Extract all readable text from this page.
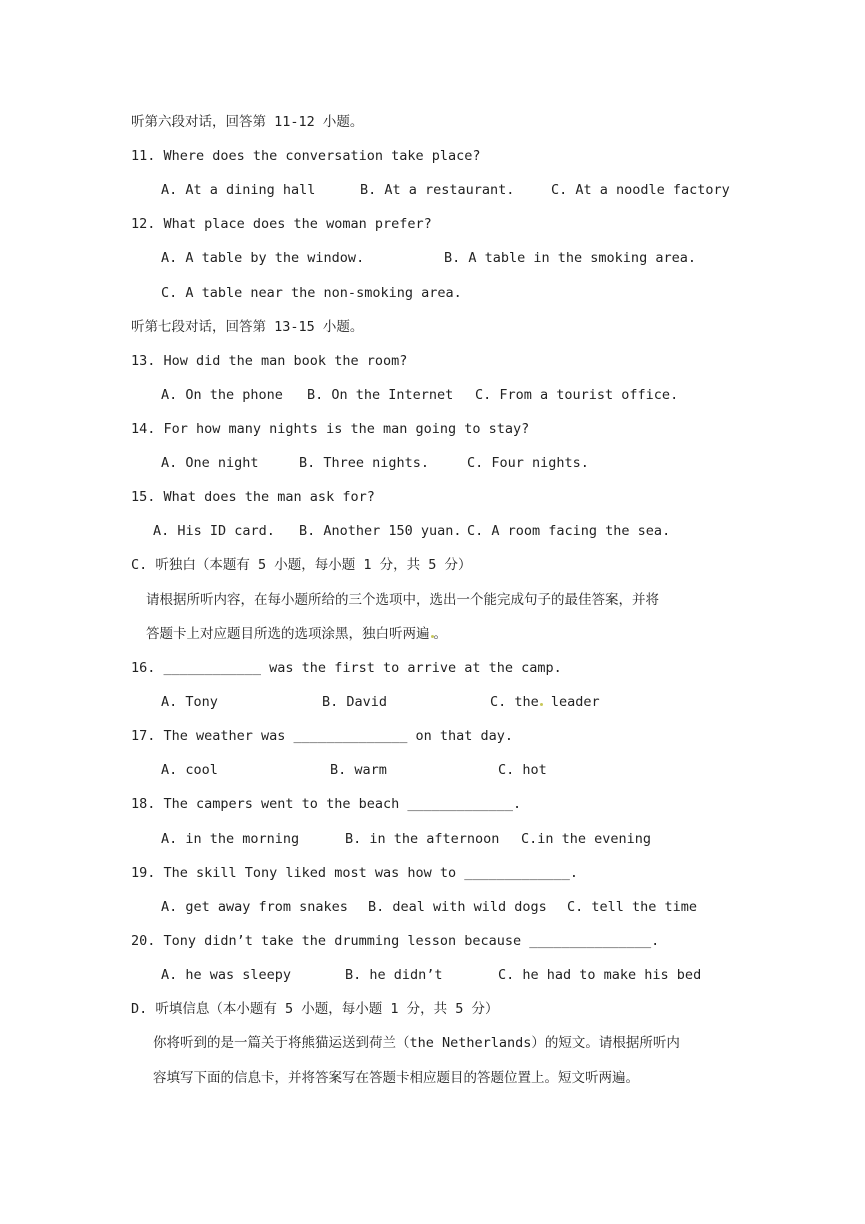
听第六段对话，回答第 11-12 小题。
11. Where does the conversation take place?
A. At a dining hall	B. At a restaurant.	C. At a noodle factory
12. What place does the woman prefer?
A. A table by the window.	B. A table in the smoking area.
C. A table near the non-smoking area.
听第七段对话，回答第 13-15 小题。
13. How did the man book the room?
A. On the phone B. On the Internet C. From a tourist office.
14. For how many nights is the man going to stay?
A. One night	B. Three nights.	C. Four nights.
15. What does the man ask for?
A. His ID card. B. Another 150 yuan. C. A room facing the sea.
C. 听独白（本题有 5 小题，每小题 1 分，共 5 分）
请根据所听内容，在每小题所给的三个选项中，选出一个能完成句子的最佳答案，并将
答题卡上对应题目所选的选项涂黑，独白听两遍 。
16. ____________ was the first to arrive at the camp.
A. Tony	B. David	C. the leader
17. The weather was ______________ on that day.
A. cool	B. warm	C. hot
18. The campers went to the beach _____________.
A. in the morning	B. in the afternoon C.in the evening
19. The skill Tony liked most was how to _____________.
A. get away from snakes B. deal with wild dogs C. tell the time
20. Tony didn’t take the drumming lesson because _______________.
A. he was sleepy	B. he didn’t	C. he had to make his bed
D. 听填信息（本小题有 5 小题，每小题 1 分，共 5 分）
你将听到的是一篇关于将熊猫运送到荷兰（the Netherlands）的短文。请根据所听内
容填写下面的信息卡，并将答案写在答题卡相应题目的答题位置上。短文听两遍。
